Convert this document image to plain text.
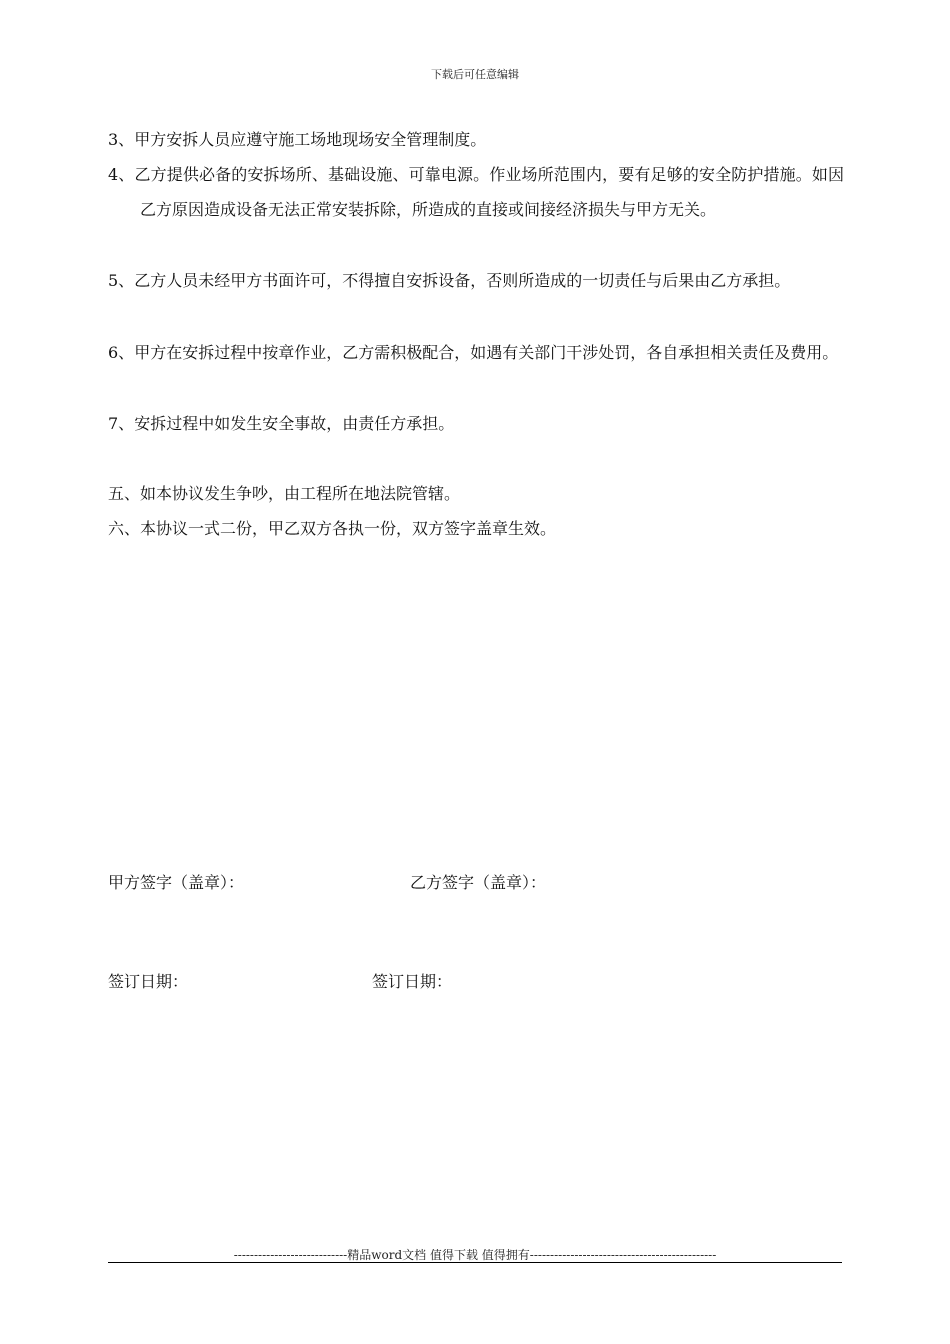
下载后可任意编辑
3、甲方安拆人员应遵守施工场地现场安全管理制度。
4、乙方提供必备的安拆场所、基础设施、可靠电源。作业场所范围内，要有足够的安全防护措施。如因乙方原因造成设备无法正常安装拆除，所造成的直接或间接经济损失与甲方无关。
5、乙方人员未经甲方书面许可，不得擅自安拆设备，否则所造成的一切责任与后果由乙方承担。
6、甲方在安拆过程中按章作业，乙方需积极配合，如遇有关部门干涉处罚，各自承担相关责任及费用。
7、安拆过程中如发生安全事故，由责任方承担。
五、如本协议发生争吵，由工程所在地法院管辖。
六、本协议一式二份，甲乙双方各执一份，双方签字盖章生效。
甲方签字（盖章）：	乙方签字（盖章）：
签订日期：	签订日期：
----------------------------精品word文档 值得下载 值得拥有----------------------------------------------
